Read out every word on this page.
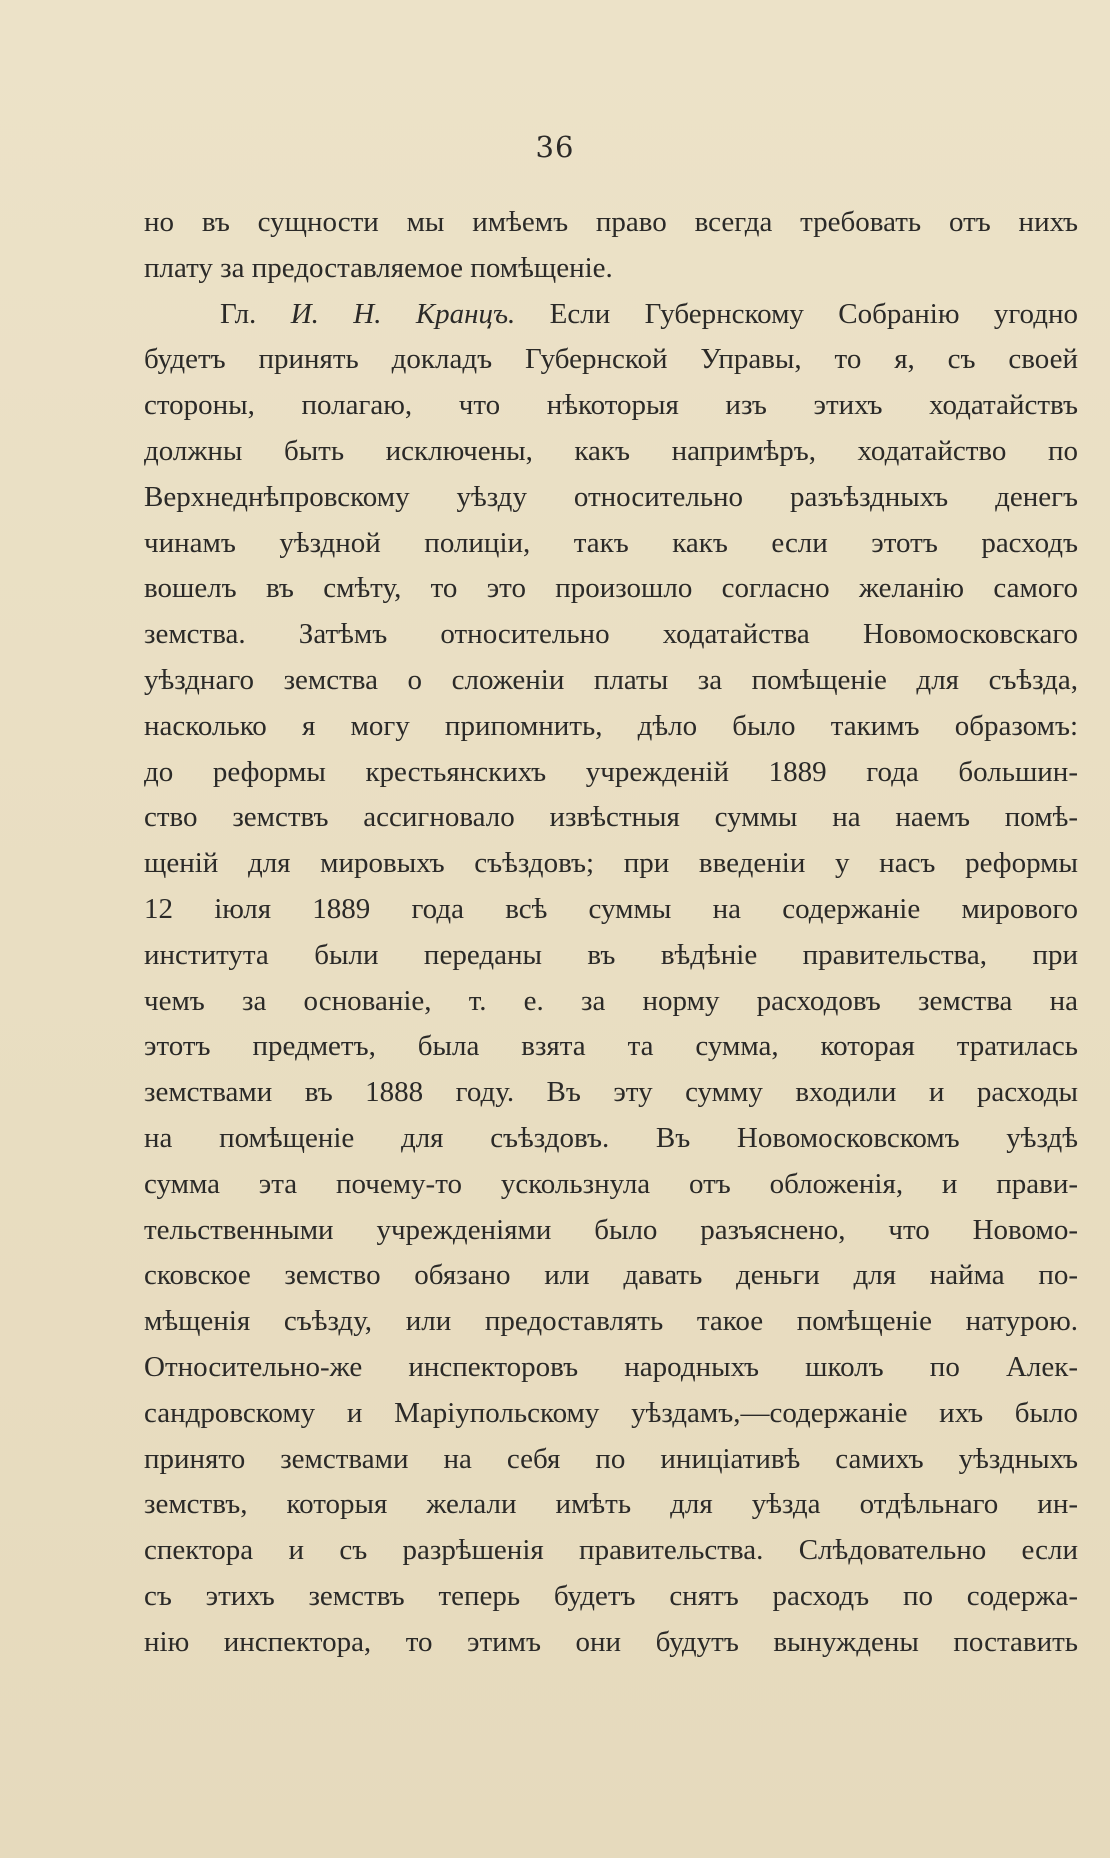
36
но въ сущности мы имѣемъ право всегда требовать отъ нихъ
плату за предоставляемое помѣщеніе.
Гл. И. Н. Кранцъ. Если Губернскому Собранію угодно
будетъ принять докладъ Губернской Управы, то я, съ своей
стороны, полагаю, что нѣкоторыя изъ этихъ ходатайствъ
должны быть исключены, какъ напримѣръ, ходатайство по
Верхнеднѣпровскому уѣзду относительно разъѣздныхъ денегъ
чинамъ уѣздной полиціи, такъ какъ если этотъ расходъ
вошелъ въ смѣту, то это произошло согласно желанію самого
земства. Затѣмъ относительно ходатайства Новомосковскаго
уѣзднаго земства о сложеніи платы за помѣщеніе для съѣзда,
насколько я могу припомнить, дѣло было такимъ образомъ:
до реформы крестьянскихъ учрежденій 1889 года большин-
ство земствъ ассигновало извѣстныя суммы на наемъ помѣ-
щеній для мировыхъ съѣздовъ; при введеніи у насъ реформы
12 іюля 1889 года всѣ суммы на содержаніе мирового
института были переданы въ вѣдѣніе правительства, при
чемъ за основаніе, т. е. за норму расходовъ земства на
этотъ предметъ, была взята та сумма, которая тратилась
земствами въ 1888 году. Въ эту сумму входили и расходы
на помѣщеніе для съѣздовъ. Въ Новомосковскомъ уѣздѣ
сумма эта почему-то ускользнула отъ обложенія, и прави-
тельственными учрежденіями было разъяснено, что Новомо-
сковское земство обязано или давать деньги для найма по-
мѣщенія съѣзду, или предоставлять такое помѣщеніе натурою.
Относительно-же инспекторовъ народныхъ школъ по Алек-
сандровскому и Маріупольскому уѣздамъ,—содержаніе ихъ было
принято земствами на себя по иниціативѣ самихъ уѣздныхъ
земствъ, которыя желали имѣть для уѣзда отдѣльнаго ин-
спектора и съ разрѣшенія правительства. Слѣдовательно если
съ этихъ земствъ теперь будетъ снятъ расходъ по содержа-
нію инспектора, то этимъ они будутъ вынуждены поставить
